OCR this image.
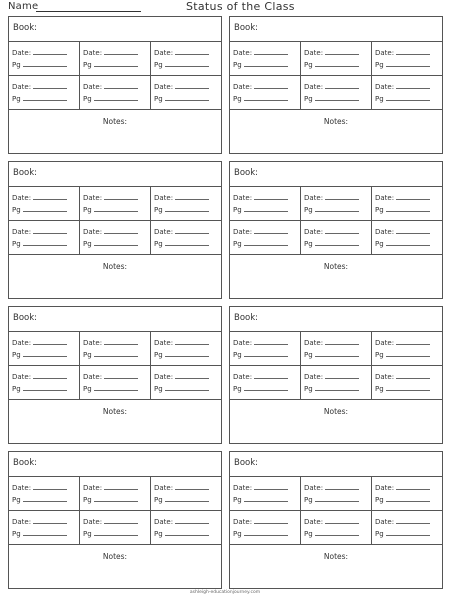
Name	Status of the Class
Book:
Date:
Pg
Date:
Pg
Date:
Pg
Date:
Pg
Date:
Pg
Date:
Pg
Notes:
Book:
Date:
Pg
Date:
Pg
Date:
Pg
Date:
Pg
Date:
Pg
Date:
Pg
Notes:
Book:
Date:
Pg
Date:
Pg
Date:
Pg
Date:
Pg
Date:
Pg
Date:
Pg
Notes:
Book:
Date:
Pg
Date:
Pg
Date:
Pg
Date:
Pg
Date:
Pg
Date:
Pg
Notes:
Book:
Date:
Pg
Date:
Pg
Date:
Pg
Date:
Pg
Date:
Pg
Date:
Pg
Notes:
Book:
Date:
Pg
Date:
Pg
Date:
Pg
Date:
Pg
Date:
Pg
Date:
Pg
Notes:
Book:
Date:
Pg
Date:
Pg
Date:
Pg
Date:
Pg
Date:
Pg
Date:
Pg
Notes:
Book:
Date:
Pg
Date:
Pg
Date:
Pg
Date:
Pg
Date:
Pg
Date:
Pg
Notes:
ashleigh-educationjourney.com
